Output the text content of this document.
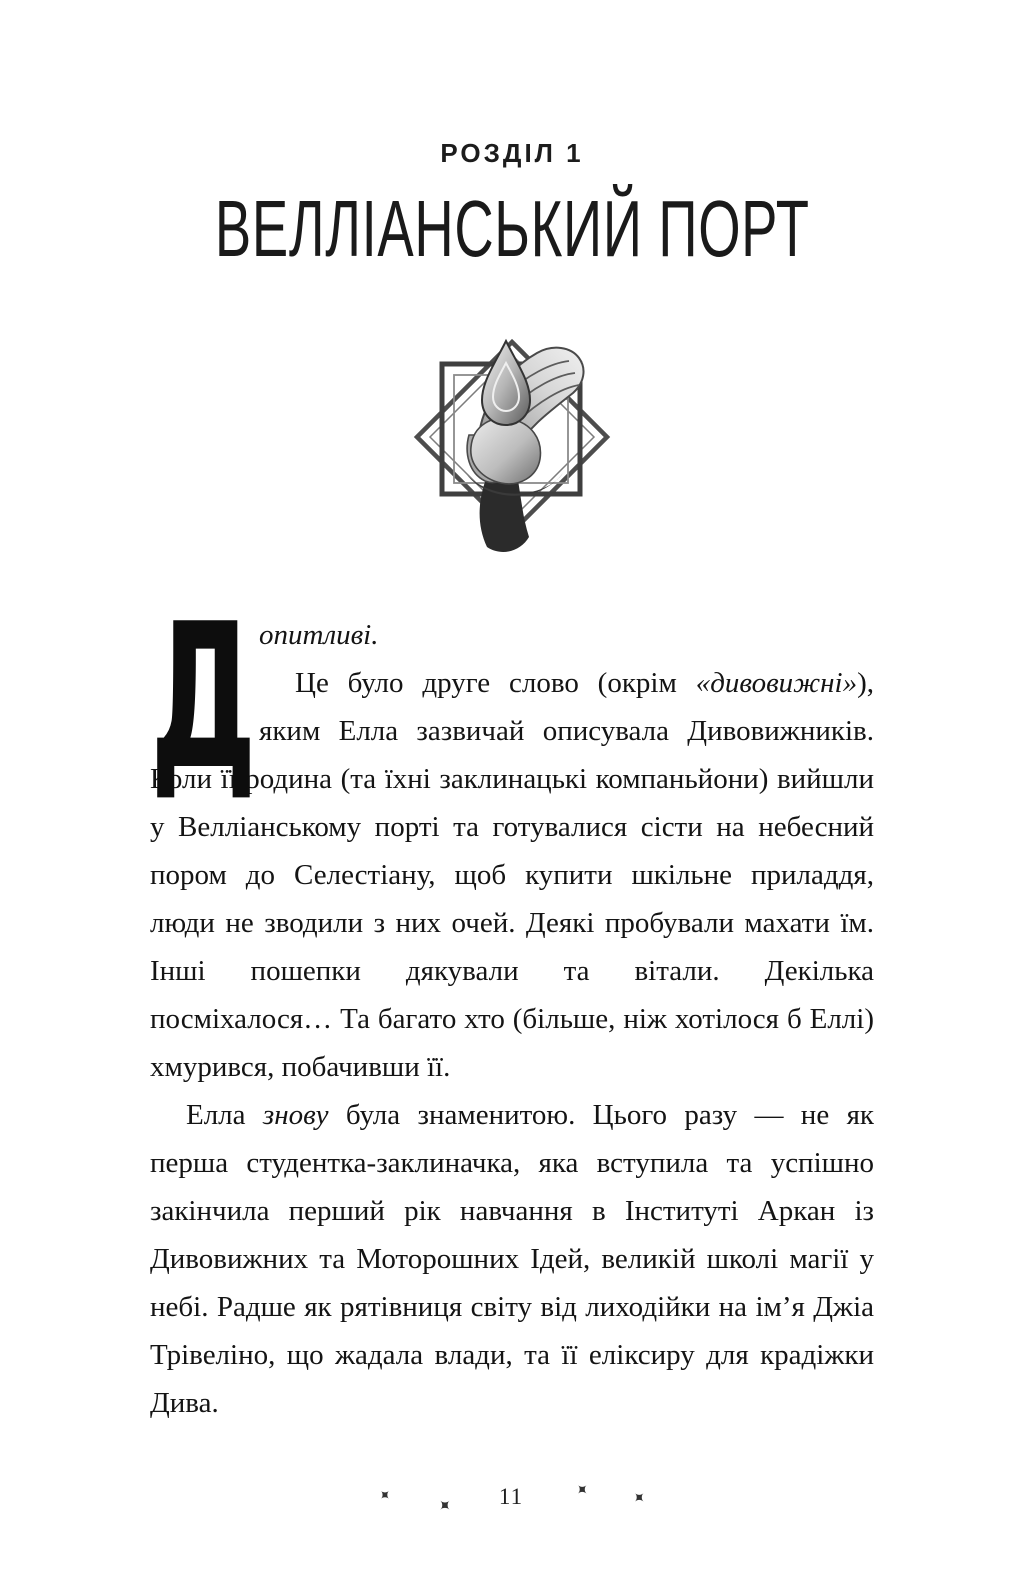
РОЗДІЛ 1
ВЕЛЛІАНСЬКИЙ ПОРТ

Допитливі.

Це було друге слово (окрім «дивовижні»), яким Елла зазвичай описувала Дивовижників. Коли її родина (та їхні заклинацькі компаньйони) вийшли у Велліанському порті та готувалися сісти на небесний пором до Селестіану, щоб купити шкільне приладдя, люди не зводили з них очей. Деякі пробували махати їм. Інші пошепки дякували та вітали. Декілька посміхалося… Та багато хто (більше, ніж хотілося б Еллі) хмурився, побачивши її.

Елла знову була знаменитою. Цього разу — не як перша студентка-заклиначка, яка вступила та успішно закінчила перший рік навчання в Інституті Аркан із Дивовижних та Моторошних Ідей, великій школі магії у небі. Радше як рятівниця світу від лиходійки на ім’я Джіа Трівеліно, що жадала влади, та її еліксиру для крадіжки Дива.

✦ ✦ 11	✦ ✦
